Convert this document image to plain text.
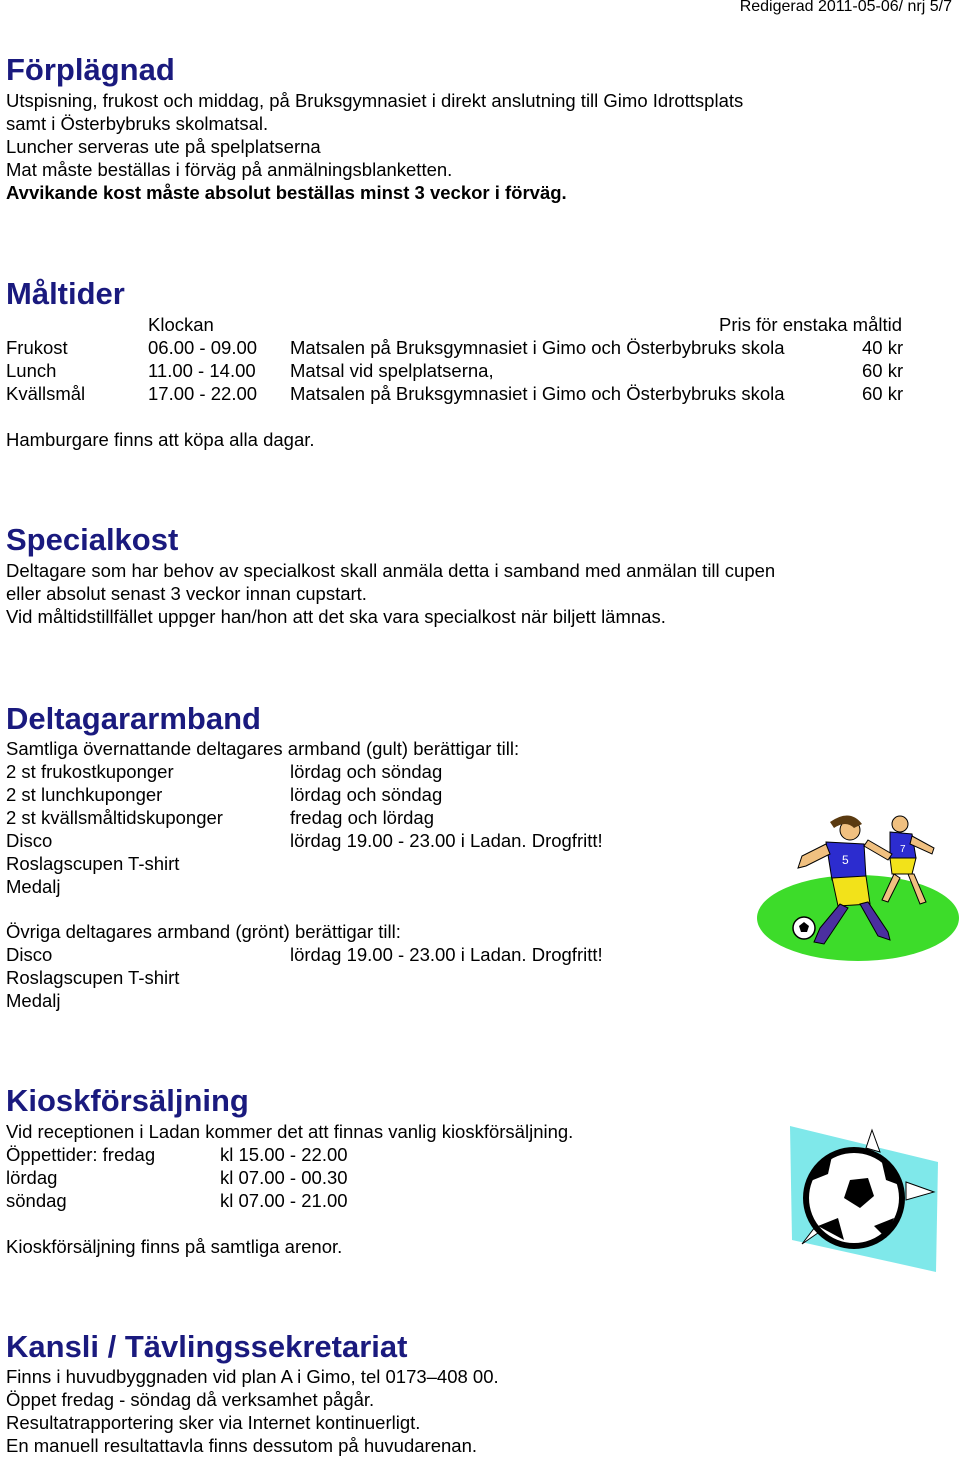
Redigerad 2011-05-06/ nrj 5/7
Förplägnad
Utspisning, frukost och middag, på Bruksgymnasiet i direkt anslutning till Gimo Idrottsplats
samt i Österbybruks skolmatsal.
Luncher serveras ute på spelplatserna
Mat måste beställas i förväg på anmälningsblanketten.
Avvikande kost måste absolut beställas minst 3 veckor i förväg.
Måltider
Klockan	Pris för enstaka måltid
Frukost	06.00 - 09.00 Matsalen på Bruksgymnasiet i Gimo och Österbybruks skola	40 kr
Lunch	11.00 - 14.00 Matsal vid spelplatserna,	60 kr
Kvällsmål	17.00 - 22.00 Matsalen på Bruksgymnasiet i Gimo och Österbybruks skola	60 kr
Hamburgare finns att köpa alla dagar.
Specialkost
Deltagare som har behov av specialkost skall anmäla detta i samband med anmälan till cupen
eller absolut senast 3 veckor innan cupstart.
Vid måltidstillfället uppger han/hon att det ska vara specialkost när biljett lämnas.
Deltagararmband
Samtliga övernattande deltagares armband (gult) berättigar till:
2 st frukostkuponger	lördag och söndag
2 st lunchkuponger	lördag och söndag
2 st kvällsmåltidskuponger	fredag och lördag
Disco	lördag 19.00 - 23.00 i Ladan. Drogfritt!
Roslagscupen T-shirt
Medalj
Övriga deltagares armband (grönt) berättigar till:
Disco	lördag 19.00 - 23.00 i Ladan. Drogfritt!
Roslagscupen T-shirt
Medalj
7
5
Kioskförsäljning
Vid receptionen i Ladan kommer det att finnas vanlig kioskförsäljning.
Öppettider: fredag	kl 15.00 - 22.00
lördag	kl 07.00 - 00.30
söndag	kl 07.00 - 21.00
Kioskförsäljning finns på samtliga arenor.
Kansli / Tävlingssekretariat
Finns i huvudbyggnaden vid plan A i Gimo, tel 0173–408 00.
Öppet fredag - söndag då verksamhet pågår.
Resultatrapportering sker via Internet kontinuerligt.
En manuell resultattavla finns dessutom på huvudarenan.
